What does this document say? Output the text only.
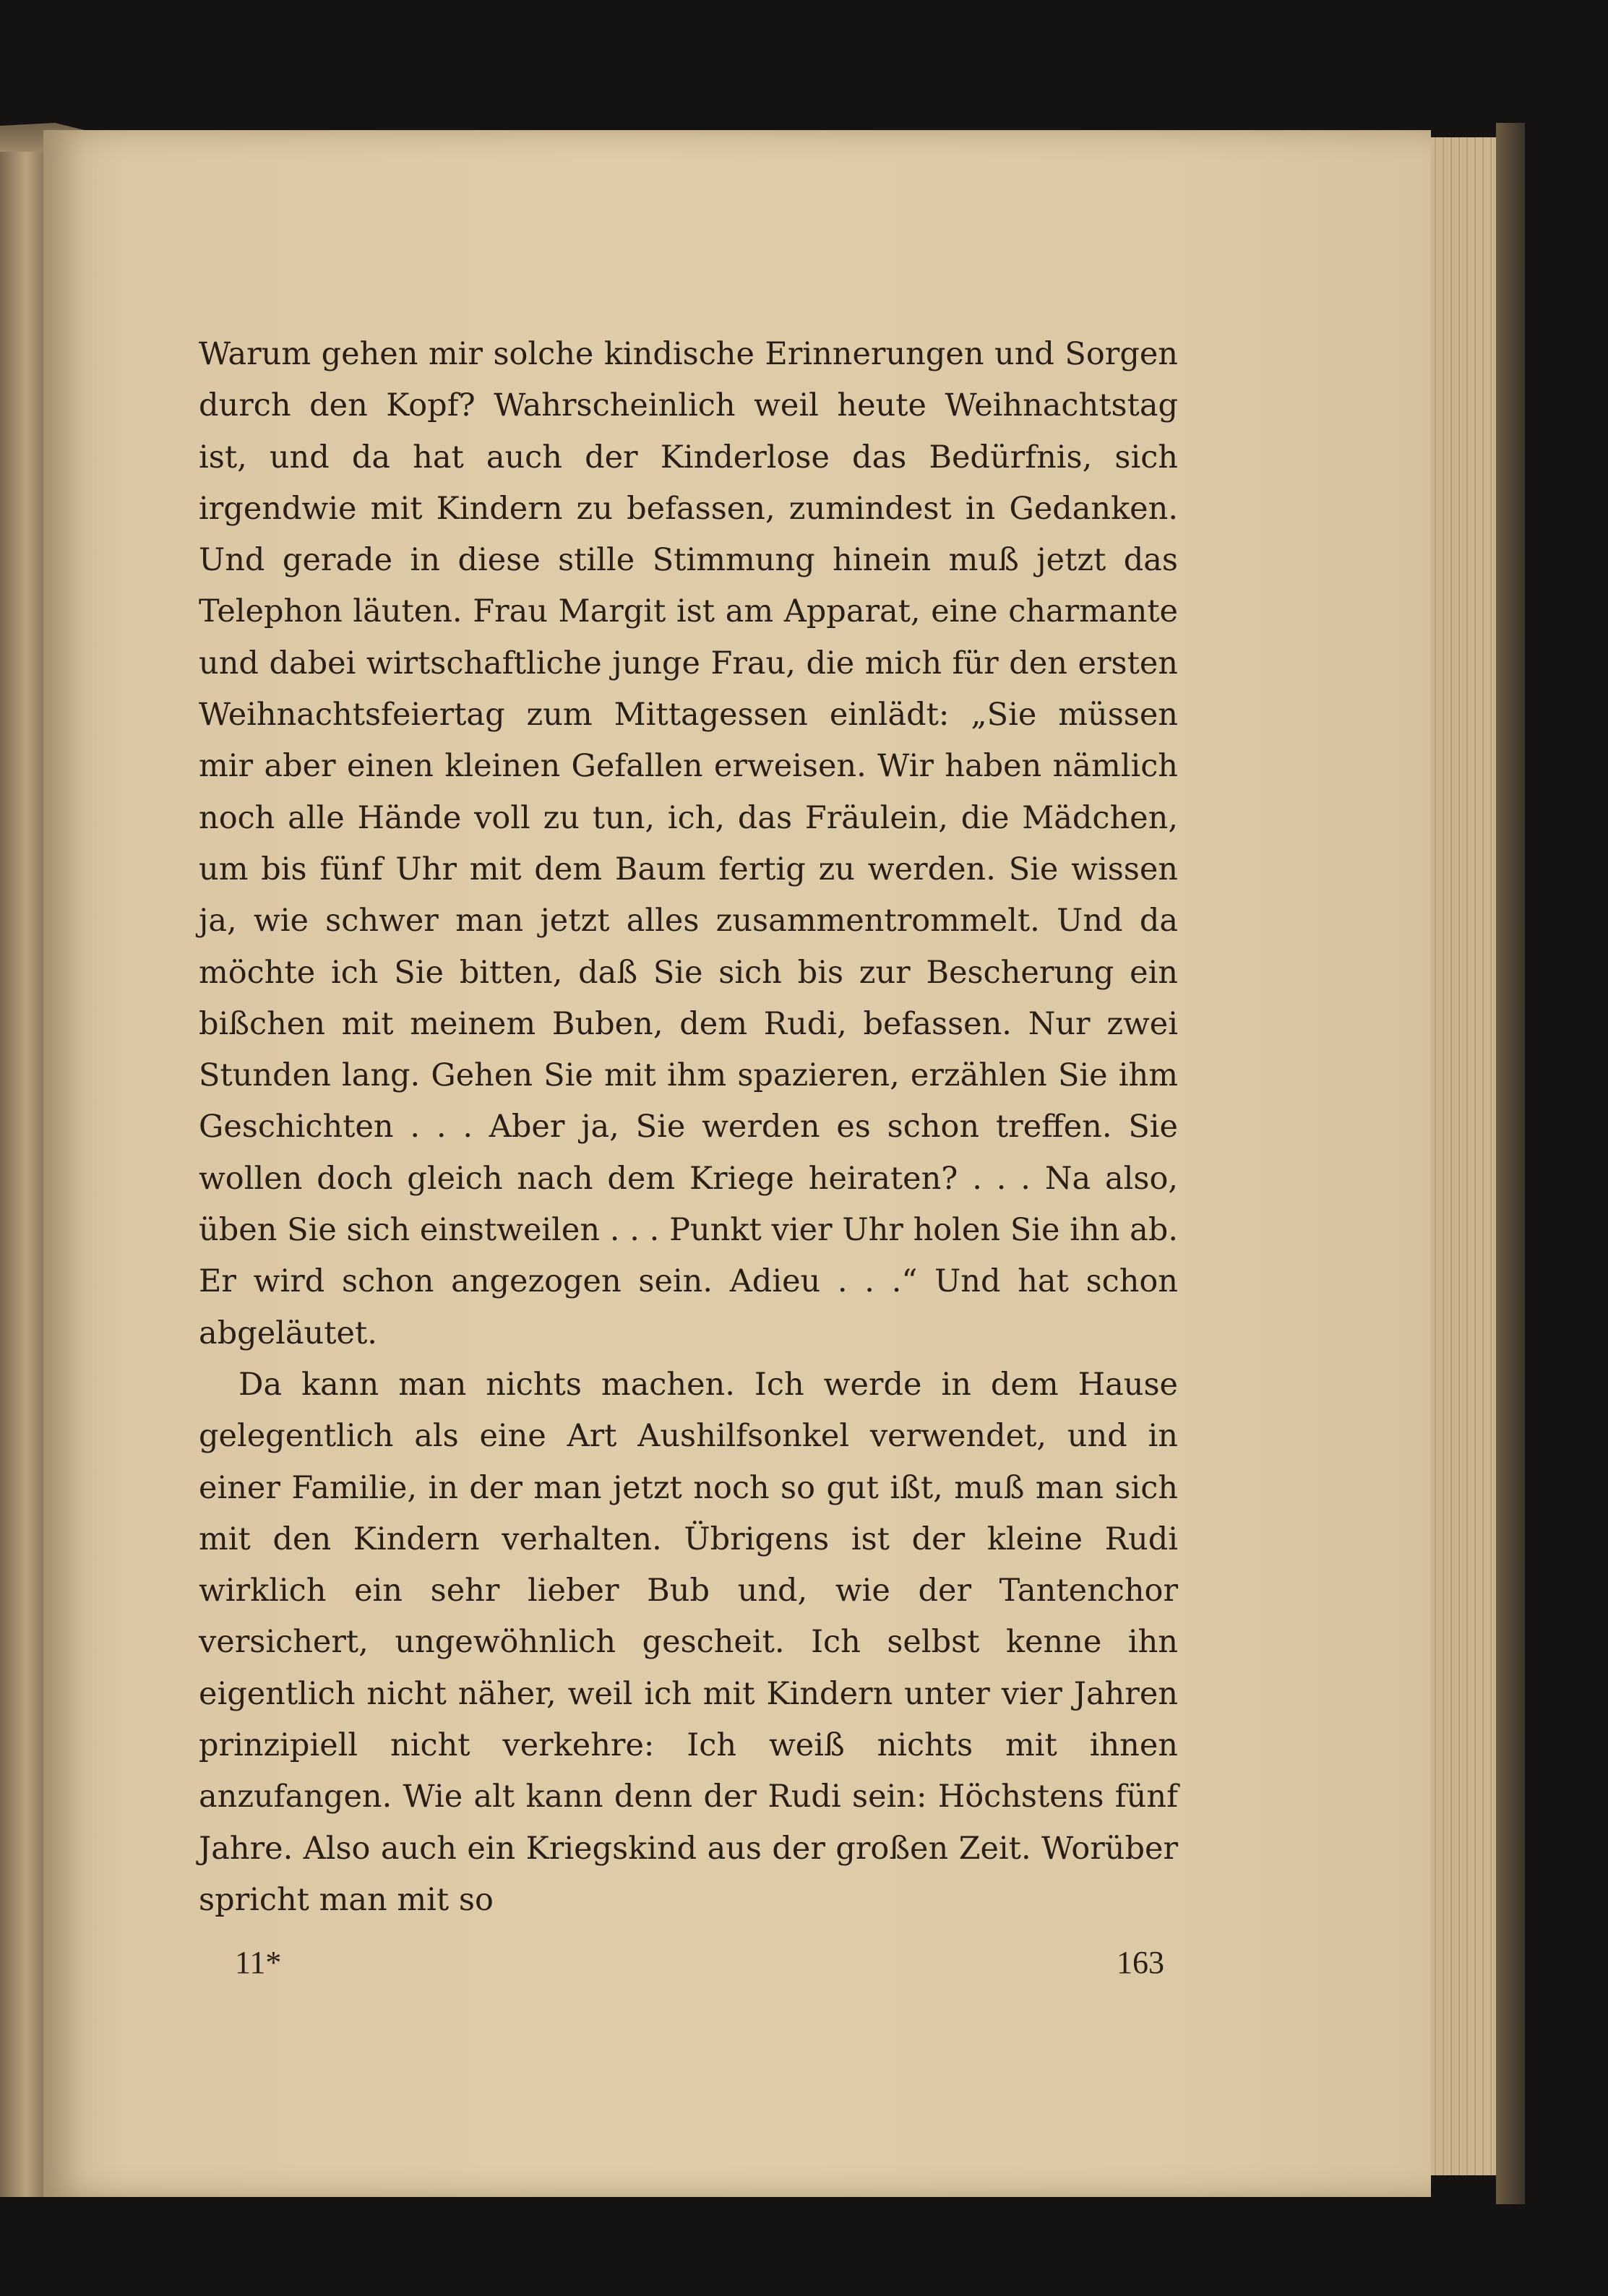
Warum gehen mir solche kindische Erinnerungen und Sorgen durch den Kopf? Wahrscheinlich weil heute Weihnachtstag ist, und da hat auch der Kinderlose das Bedürfnis, sich irgendwie mit Kindern zu befassen, zumindest in Gedanken. Und gerade in diese stille Stimmung hinein muß jetzt das Telephon läuten. Frau Margit ist am Apparat, eine charmante und dabei wirtschaftliche junge Frau, die mich für den ersten Weihnachtsfeiertag zum Mittagessen einlädt: „Sie müssen mir aber einen kleinen Gefallen erweisen. Wir haben nämlich noch alle Hände voll zu tun, ich, das Fräulein, die Mädchen, um bis fünf Uhr mit dem Baum fertig zu werden. Sie wissen ja, wie schwer man jetzt alles zusammentrommelt. Und da möchte ich Sie bitten, daß Sie sich bis zur Bescherung ein bißchen mit meinem Buben, dem Rudi, befassen. Nur zwei Stunden lang. Gehen Sie mit ihm spazieren, erzählen Sie ihm Geschichten . . . Aber ja, Sie werden es schon treffen. Sie wollen doch gleich nach dem Kriege heiraten? . . . Na also, üben Sie sich einstweilen . . . Punkt vier Uhr holen Sie ihn ab. Er wird schon angezogen sein. Adieu . . .“ Und hat schon abgeläutet.

Da kann man nichts machen. Ich werde in dem Hause gelegentlich als eine Art Aushilfsonkel verwendet, und in einer Familie, in der man jetzt noch so gut ißt, muß man sich mit den Kindern verhalten. Übrigens ist der kleine Rudi wirklich ein sehr lieber Bub und, wie der Tantenchor versichert, ungewöhnlich gescheit. Ich selbst kenne ihn eigentlich nicht näher, weil ich mit Kindern unter vier Jahren prinzipiell nicht verkehre: Ich weiß nichts mit ihnen anzufangen. Wie alt kann denn der Rudi sein: Höchstens fünf Jahre. Also auch ein Kriegskind aus der großen Zeit. Worüber spricht man mit so

11*	163
